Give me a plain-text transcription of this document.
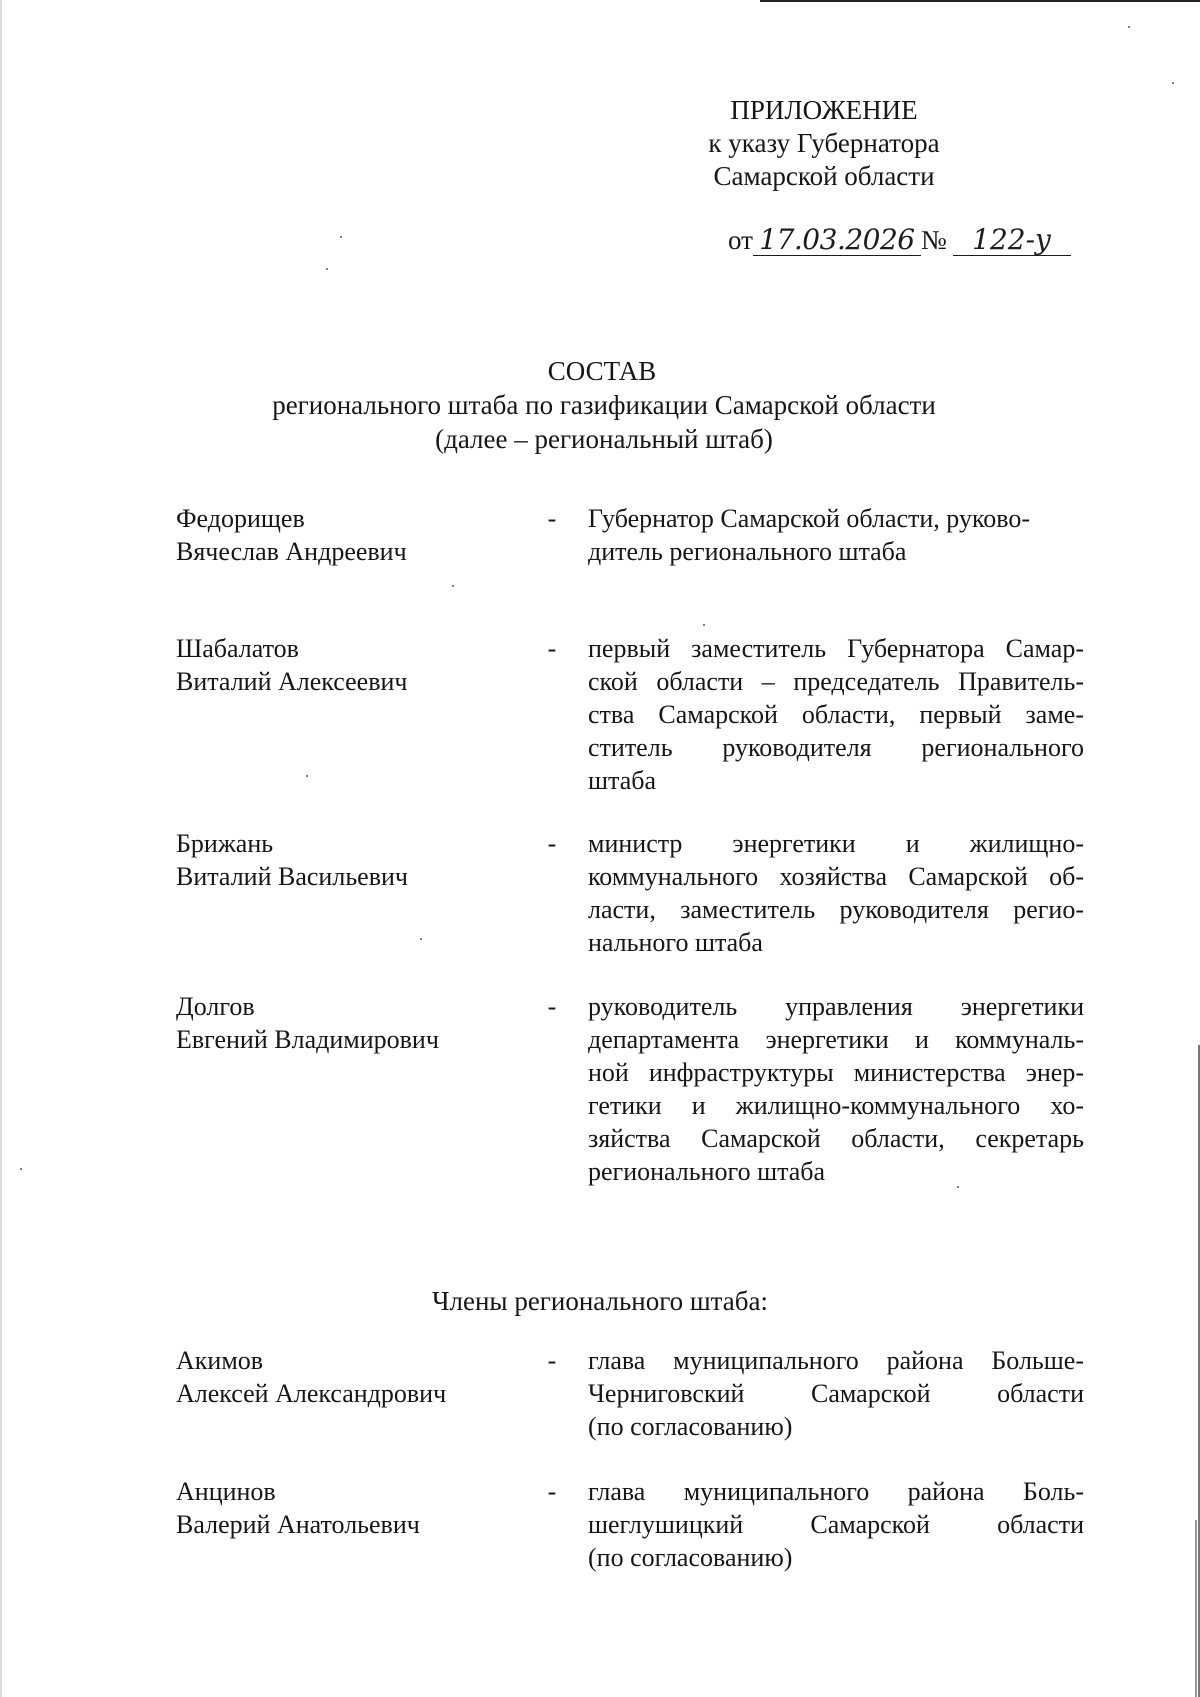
ПРИЛОЖЕНИЕ
к указу Губернатора
Самарской области
от 17.03.2026 № 122-у
СОСТАВ
регионального штаба по газификации Самарской области
(далее – региональный штаб)
Федорищев
Вячеслав Андреевич
- Губернатор Самарской области, руково-
дитель регионального штаба
Шабалатов
Виталий Алексеевич
- первый заместитель Губернатора Самар-
ской области – председатель Правитель-
ства Самарской области, первый заме-
ститель руководителя регионального
штаба
Брижань
Виталий Васильевич
- министр энергетики и жилищно-
коммунального хозяйства Самарской об-
ласти, заместитель руководителя регио-
нального штаба
Долгов
Евгений Владимирович
- руководитель управления энергетики
департамента энергетики и коммуналь-
ной инфраструктуры министерства энер-
гетики и жилищно-коммунального хо-
зяйства Самарской области, секретарь
регионального штаба
Члены регионального штаба:
Акимов
Алексей Александрович
- глава муниципального района Больше-
Черниговский Самарской области
(по согласованию)
Анцинов
Валерий Анатольевич
- глава муниципального района Боль-
шеглушицкий Самарской области
(по согласованию)
